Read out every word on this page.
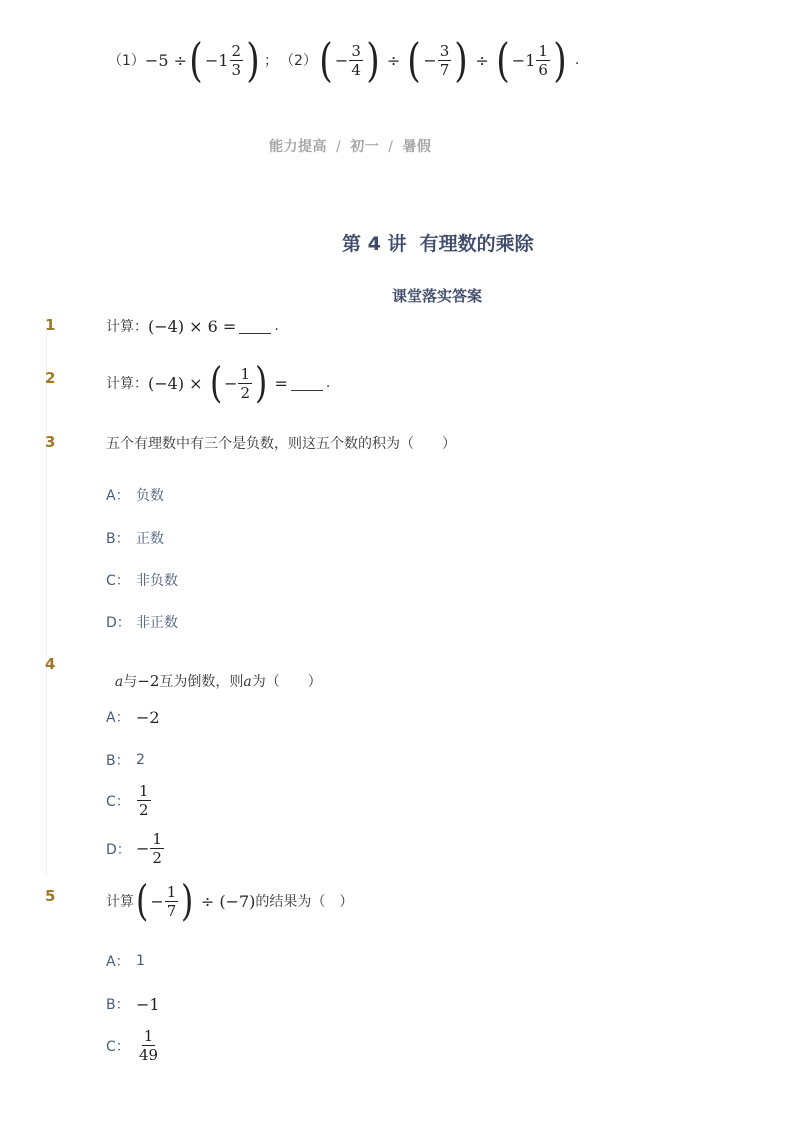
（1） −5 ÷ ( $-1 \frac{2}{3}$ ) ； （2） ( − $\frac{3}{4}$ ) ÷ ( − $\frac{3}{7}$ ) ÷ ( $-1 \frac{1}{6}$ ) .
能力提高 / 初一 / 暑假
第 4 讲  有理数的乘除
课堂落实答案
1	计算： (−4) × 6 =	.
2	计算： (−4) × ( − $\frac{1}{2}$ ) =	.
3	五个有理数中有三个是负数，则这五个数的积为（　　）
A： 负数
B： 正数
C： 非负数
D： 非正数
4

a与−2互为倒数，则a为（　　）

A： −2
B： 2
C： $\frac{1}{2}$
D： − $\frac{1}{2}$
5	计算 ( − $\frac{1}{7}$ ) ÷ (−7) 的结果为（　）
A： 1
B： −1
C： $\frac{1}{49}$
